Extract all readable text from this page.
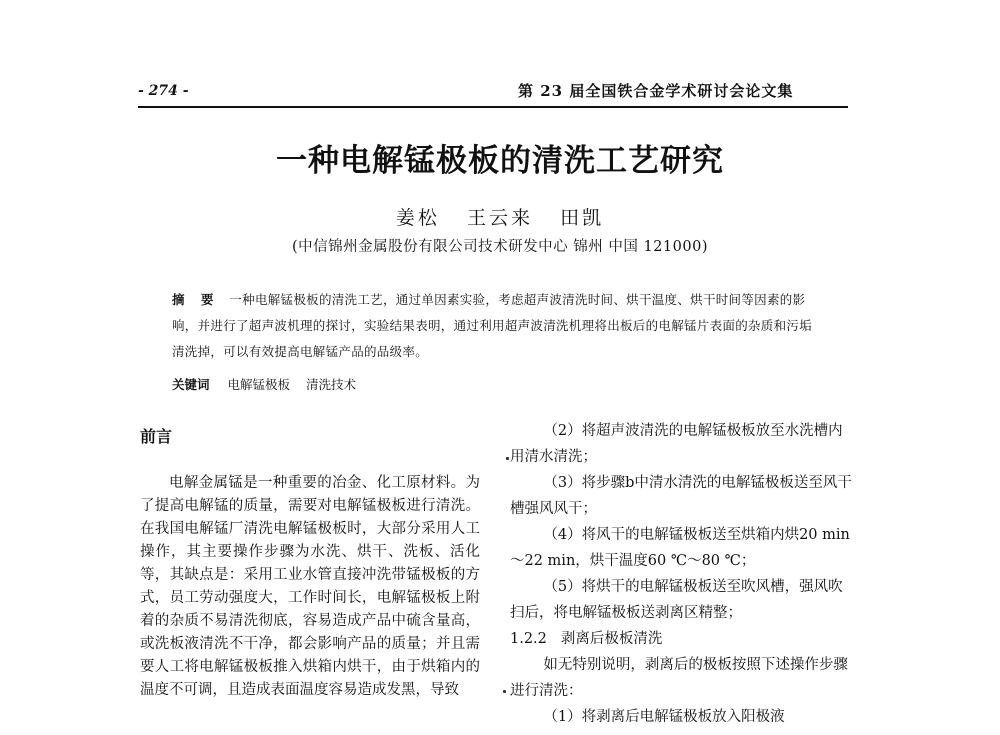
- 274 -	第 23 届全国铁合金学术研讨会论文集
一种电解锰极板的清洗工艺研究
姜松 王云来 田凯
(中信锦州金属股份有限公司技术研发中心 锦州 中国 121000)
摘 要 一种电解锰极板的清洗工艺，通过单因素实验，考虑超声波清洗时间、烘干温度、烘干时间等因素的影响，并进行了超声波机理的探讨，实验结果表明，通过利用超声波清洗机理将出板后的电解锰片表面的杂质和污垢清洗掉，可以有效提高电解锰产品的品级率。
关键词 电解锰极板 清洗技术
前言

电解金属锰是一种重要的冶金、化工原材料。为了提高电解锰的质量，需要对电解锰极板进行清洗。在我国电解锰厂清洗电解锰极板时，大部分采用人工操作，其主要操作步骤为水洗、烘干、洗板、活化等，其缺点是：采用工业水管直接冲洗带锰极板的方式，员工劳动强度大，工作时间长，电解锰极板上附着的杂质不易清洗彻底，容易造成产品中硫含量高，或洗板液清洗不干净，都会影响产品的质量；并且需要人工将电解锰极板推入烘箱内烘干，由于烘箱内的温度不可调，且造成表面温度容易造成发黑，导致

（2）将超声波清洗的电解锰极板放至水洗槽内用清水清洗；

（3）将步骤b中清水清洗的电解锰极板送至风干槽强风风干；

（4）将风干的电解锰极板送至烘箱内烘20 min～22 min，烘干温度60 ℃～80 ℃；

（5）将烘干的电解锰极板送至吹风槽，强风吹扫后，将电解锰极板送剥离区精整；

1.2.2 剥离后极板清洗

如无特别说明，剥离后的极板按照下述操作步骤进行清洗：

（1）将剥离后电解锰极板放入阳极液
